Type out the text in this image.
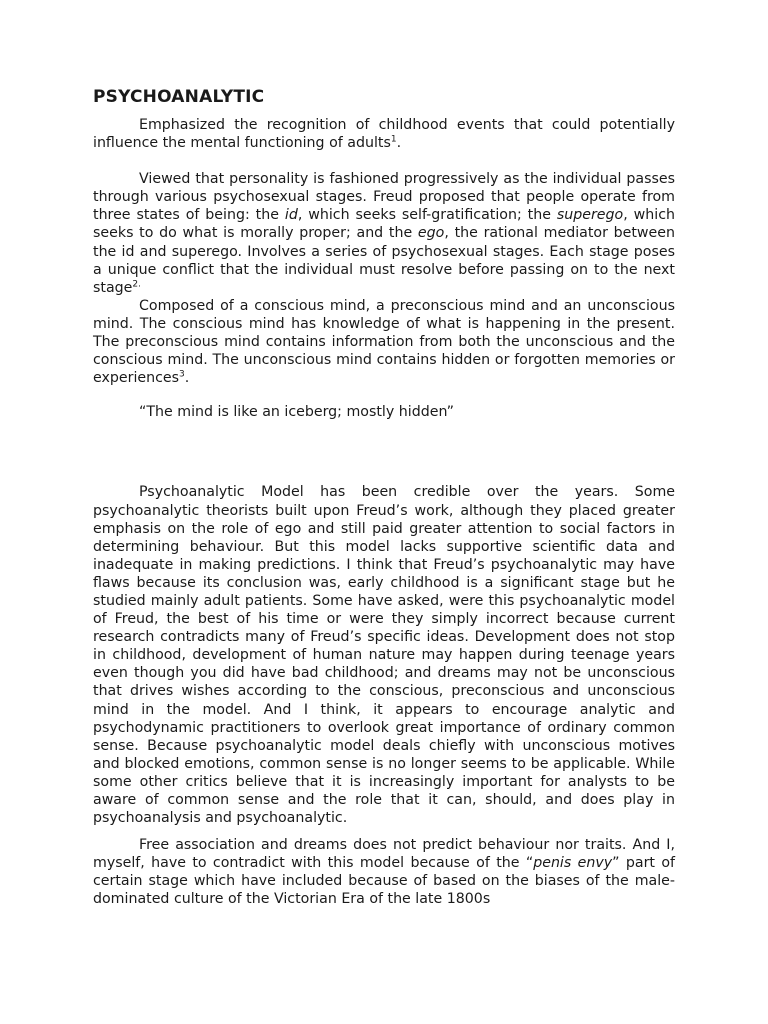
PSYCHOANALYTIC

Emphasized the recognition of childhood events that could potentially influence the mental functioning of adults$^1$.

Viewed that personality is fashioned progressively as the individual passes through various psychosexual stages. Freud proposed that people operate from three states of being: the id, which seeks self-gratification; the superego, which seeks to do what is morally proper; and the ego, the rational mediator between the id and superego. Involves a series of psychosexual stages. Each stage poses a unique conflict that the individual must resolve before passing on to the next stage$^{2.}$

Composed of a conscious mind, a preconscious mind and an unconscious mind. The conscious mind has knowledge of what is happening in the present. The preconscious mind contains information from both the unconscious and the conscious mind. The unconscious mind contains hidden or forgotten memories or experiences$^3$.

“The mind is like an iceberg; mostly hidden”

Psychoanalytic Model has been credible over the years. Some psychoanalytic theorists built upon Freud’s work, although they placed greater emphasis on the role of ego and still paid greater attention to social factors in determining behaviour. But this model lacks supportive scientific data and inadequate in making predictions. I think that Freud’s psychoanalytic may have flaws because its conclusion was, early childhood is a significant stage but he studied mainly adult patients. Some have asked, were this psychoanalytic model of Freud, the best of his time or were they simply incorrect because current research contradicts many of Freud’s specific ideas. Development does not stop in childhood, development of human nature may happen during teenage years even though you did have bad childhood; and dreams may not be unconscious that drives wishes according to the conscious, preconscious and unconscious mind in the model. And I think, it appears to encourage analytic and psychodynamic practitioners to overlook great importance of ordinary common sense. Because psychoanalytic model deals chiefly with unconscious motives and blocked emotions, common sense is no longer seems to be applicable. While some other critics believe that it is increasingly important for analysts to be aware of common sense and the role that it can, should, and does play in psychoanalysis and psychoanalytic.

Free association and dreams does not predict behaviour nor traits. And I, myself, have to contradict with this model because of the “penis envy” part of certain stage which have included because of based on the biases of the male-dominated culture of the Victorian Era of the late 1800s
